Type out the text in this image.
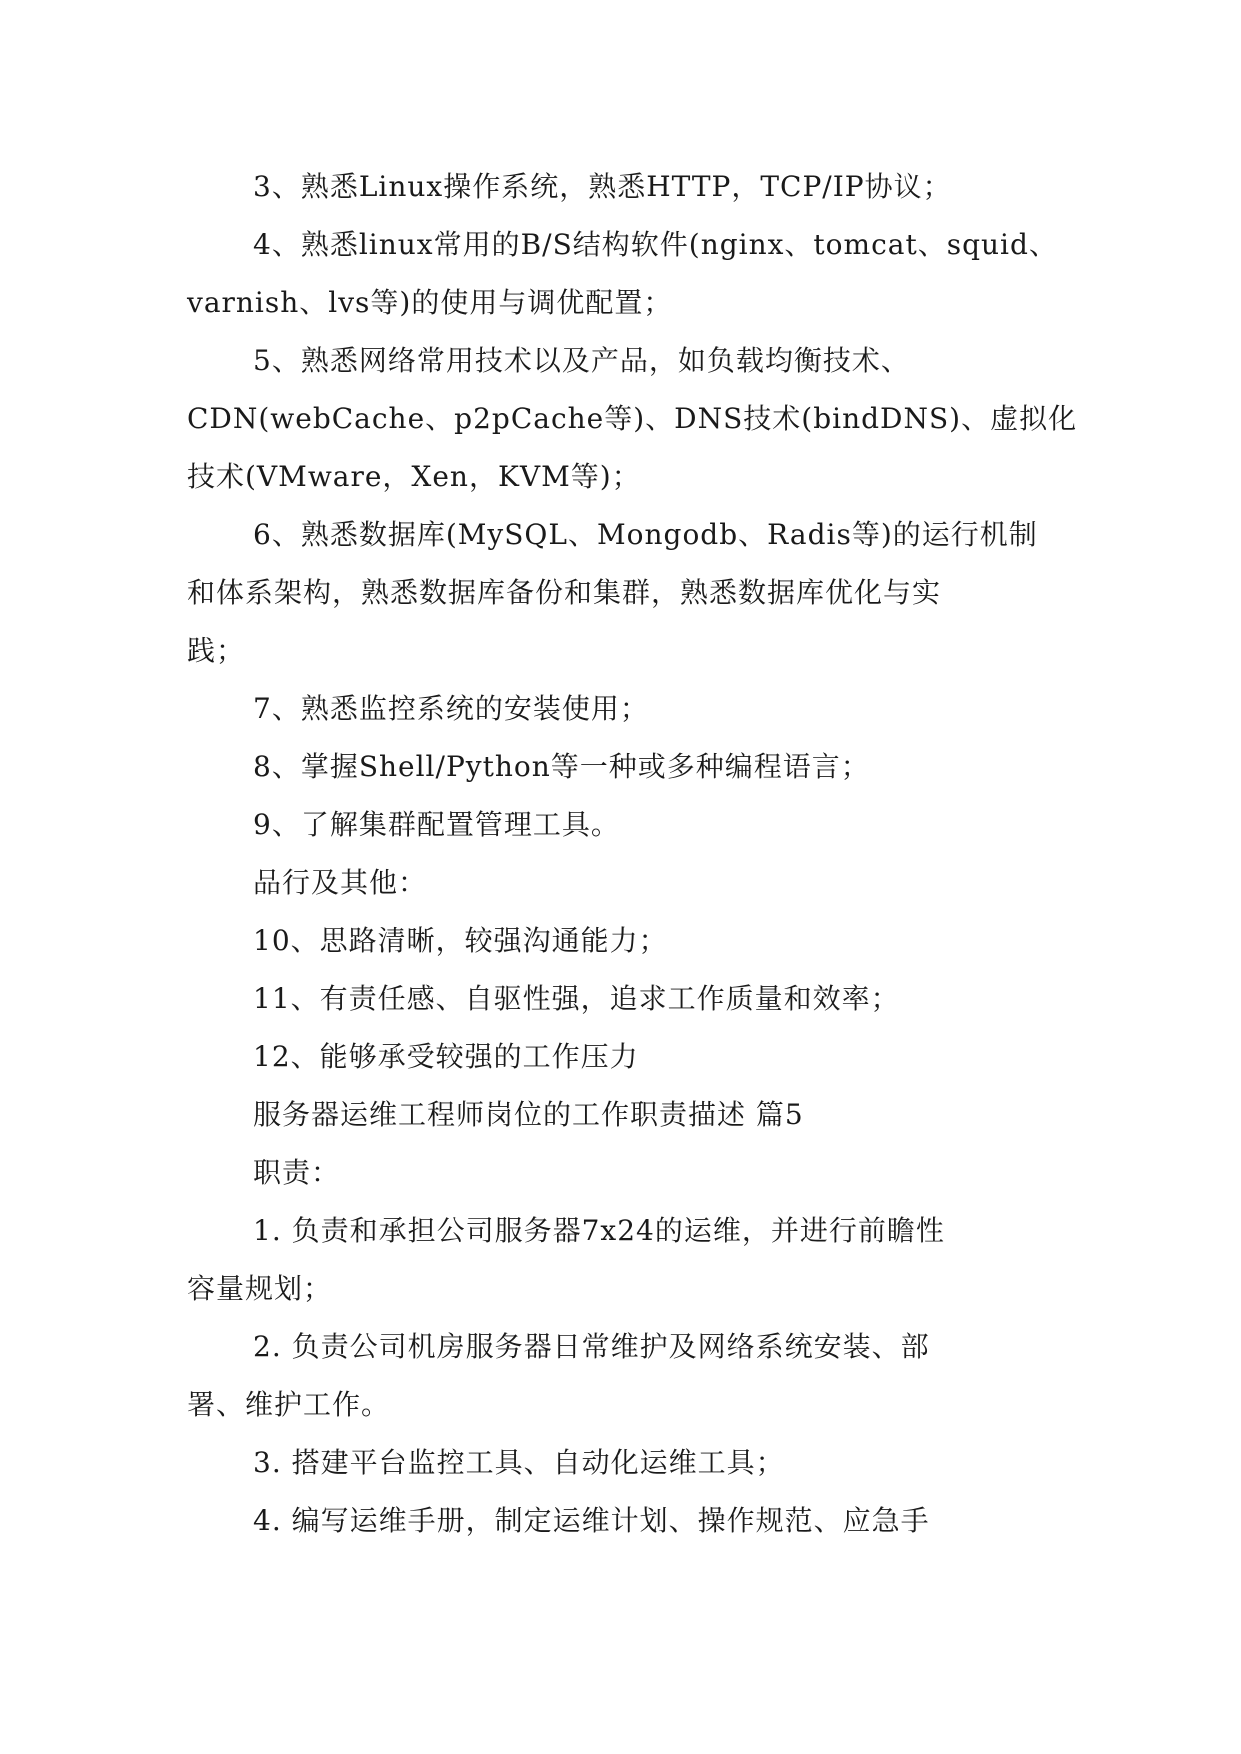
3、熟悉Linux操作系统，熟悉HTTP，TCP/IP协议；
4、熟悉linux常用的B/S结构软件(nginx、tomcat、squid、
varnish、lvs等)的使用与调优配置；
5、熟悉网络常用技术以及产品，如负载均衡技术、
CDN(webCache、p2pCache等)、DNS技术(bindDNS)、虚拟化
技术(VMware，Xen，KVM等)；
6、熟悉数据库(MySQL、Mongodb、Radis等)的运行机制
和体系架构，熟悉数据库备份和集群，熟悉数据库优化与实
践；
7、熟悉监控系统的安装使用；
8、掌握Shell/Python等一种或多种编程语言；
9、了解集群配置管理工具。
品行及其他：
10、思路清晰，较强沟通能力；
11、有责任感、自驱性强，追求工作质量和效率；
12、能够承受较强的工作压力
服务器运维工程师岗位的工作职责描述 篇5
职责：
1. 负责和承担公司服务器7x24的运维，并进行前瞻性
容量规划；
2. 负责公司机房服务器日常维护及网络系统安装、部
署、维护工作。
3. 搭建平台监控工具、自动化运维工具；
4. 编写运维手册，制定运维计划、操作规范、应急手
